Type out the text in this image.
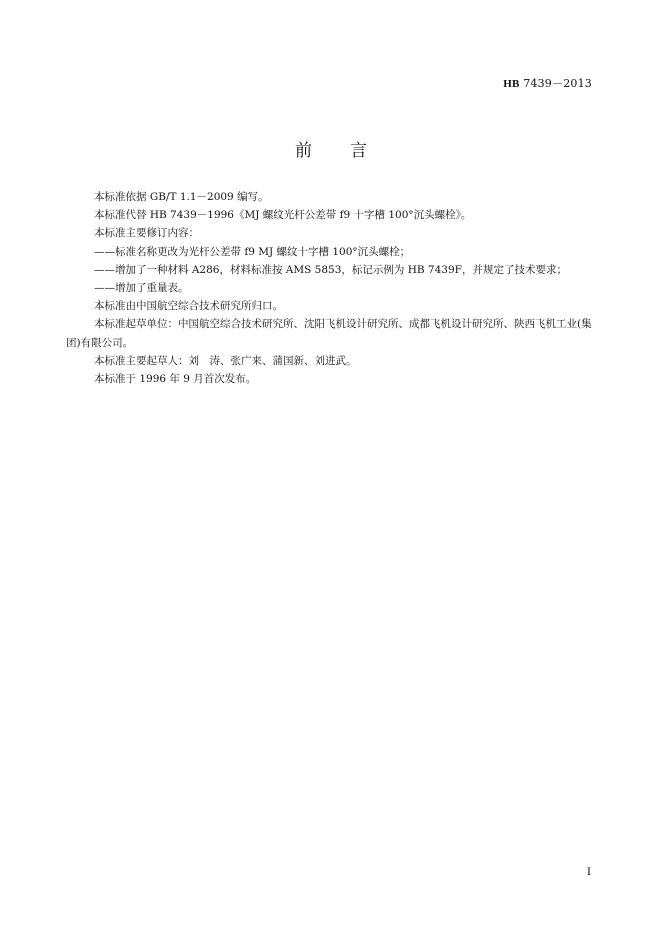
HB 7439－2013
前言

本标准依据 GB/T 1.1－2009 编写。

本标准代替 HB 7439－1996《MJ 螺纹光杆公差带 f9 十字槽 100°沉头螺栓》。

本标准主要修订内容：

——标准名称更改为光杆公差带 f9 MJ 螺纹十字槽 100°沉头螺栓；

——增加了一种材料 A286，材料标准按 AMS 5853，标记示例为 HB 7439F，并规定了技术要求；

——增加了重量表。

本标准由中国航空综合技术研究所归口。

本标准起草单位：中国航空综合技术研究所、沈阳飞机设计研究所、成都飞机设计研究所、陕西飞机工业(集团)有限公司。

本标准主要起草人：刘　涛、张广来、蒲国新、刘进武。

本标准于 1996 年 9 月首次发布。

I
